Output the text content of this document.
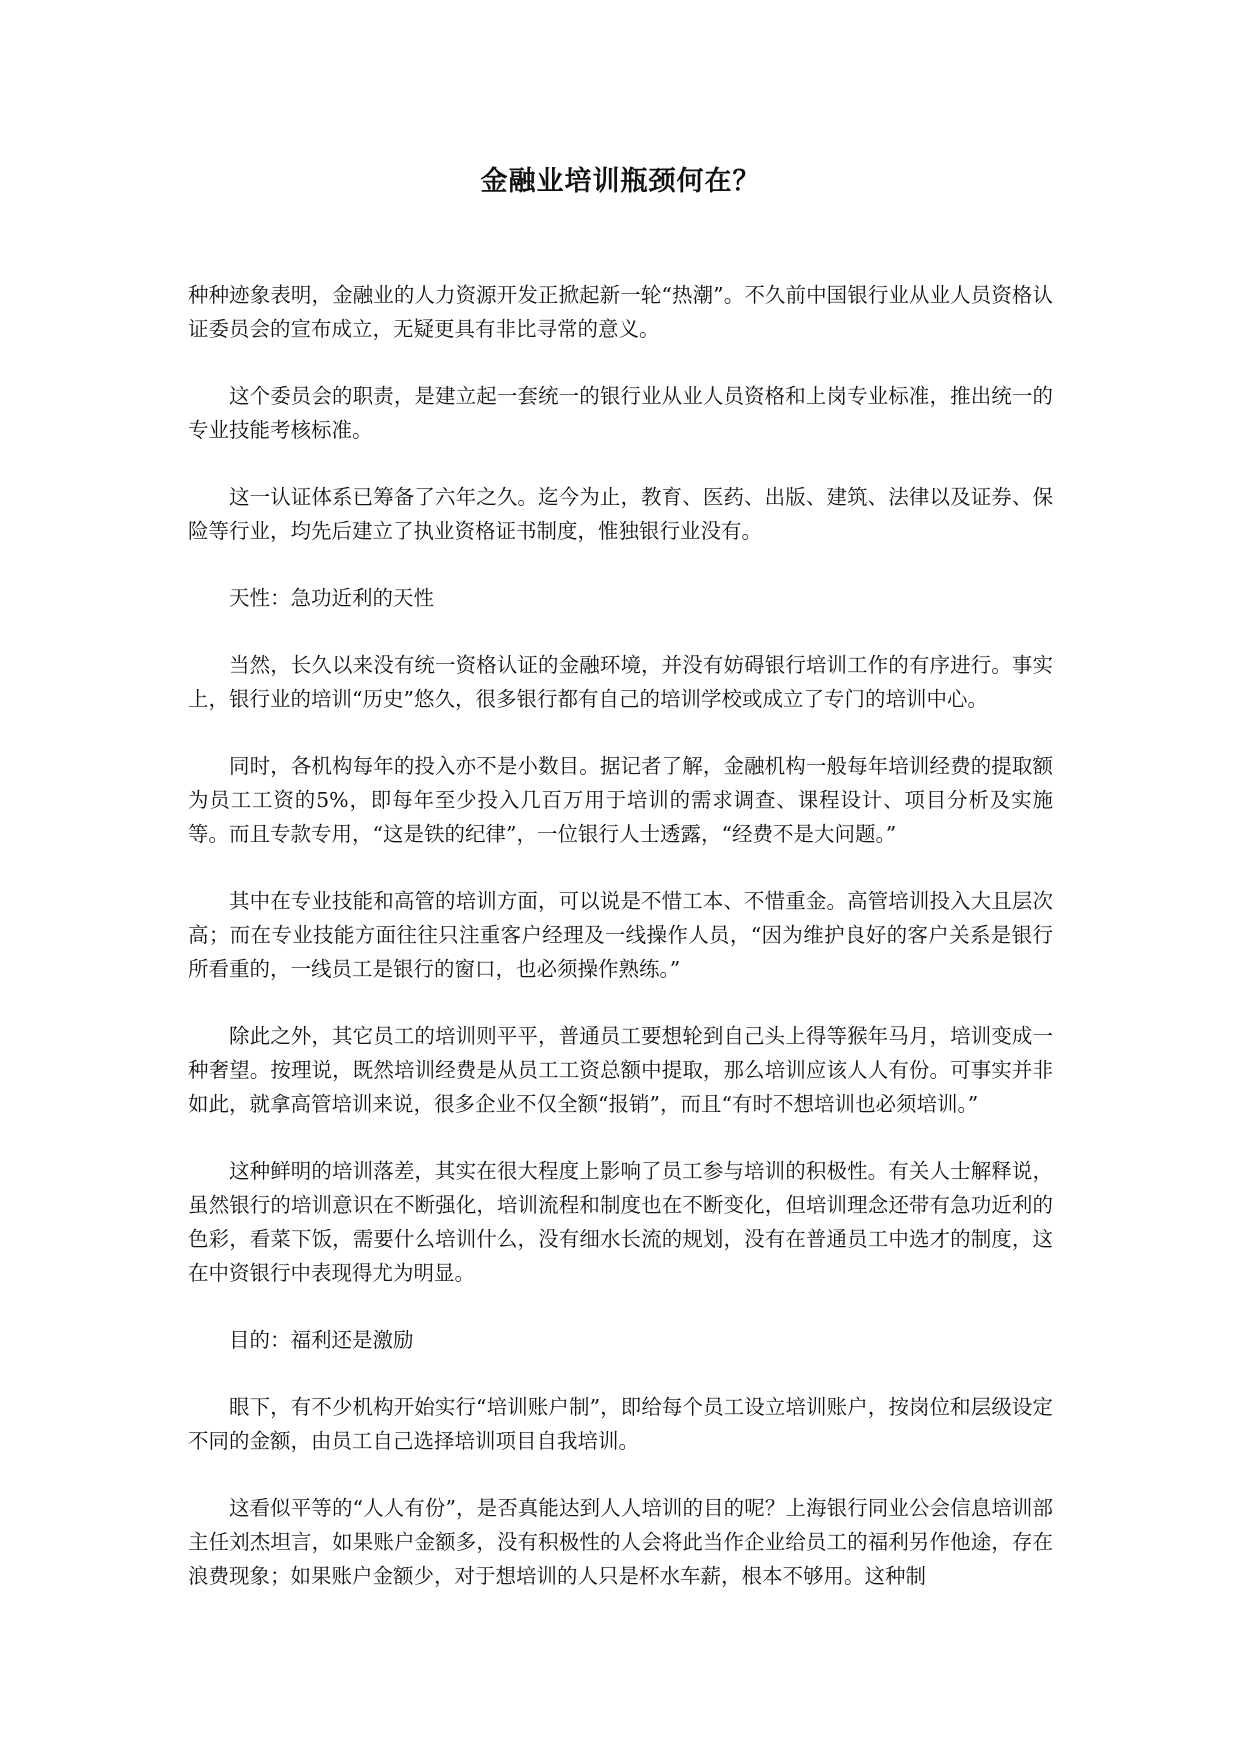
金融业培训瓶颈何在？

种种迹象表明，金融业的人力资源开发正掀起新一轮“热潮”。不久前中国银行业从业人员资格认证委员会的宣布成立，无疑更具有非比寻常的意义。

这个委员会的职责，是建立起一套统一的银行业从业人员资格和上岗专业标准，推出统一的专业技能考核标准。

这一认证体系已筹备了六年之久。迄今为止，教育、医药、出版、建筑、法律以及证券、保险等行业，均先后建立了执业资格证书制度，惟独银行业没有。

天性：急功近利的天性

当然，长久以来没有统一资格认证的金融环境，并没有妨碍银行培训工作的有序进行。事实上，银行业的培训“历史”悠久，很多银行都有自己的培训学校或成立了专门的培训中心。

同时，各机构每年的投入亦不是小数目。据记者了解，金融机构一般每年培训经费的提取额为员工工资的5%，即每年至少投入几百万用于培训的需求调查、课程设计、项目分析及实施等。而且专款专用，“这是铁的纪律”，一位银行人士透露，“经费不是大问题。”

其中在专业技能和高管的培训方面，可以说是不惜工本、不惜重金。高管培训投入大且层次高；而在专业技能方面往往只注重客户经理及一线操作人员，“因为维护良好的客户关系是银行所看重的，一线员工是银行的窗口，也必须操作熟练。”

除此之外，其它员工的培训则平平，普通员工要想轮到自己头上得等猴年马月，培训变成一种奢望。按理说，既然培训经费是从员工工资总额中提取，那么培训应该人人有份。可事实并非如此，就拿高管培训来说，很多企业不仅全额“报销”，而且“有时不想培训也必须培训。”

这种鲜明的培训落差，其实在很大程度上影响了员工参与培训的积极性。有关人士解释说，虽然银行的培训意识在不断强化，培训流程和制度也在不断变化，但培训理念还带有急功近利的色彩，看菜下饭，需要什么培训什么，没有细水长流的规划，没有在普通员工中选才的制度，这在中资银行中表现得尤为明显。

目的：福利还是激励

眼下，有不少机构开始实行“培训账户制”，即给每个员工设立培训账户，按岗位和层级设定不同的金额，由员工自己选择培训项目自我培训。

这看似平等的“人人有份”，是否真能达到人人培训的目的呢？上海银行同业公会信息培训部主任刘杰坦言，如果账户金额多，没有积极性的人会将此当作企业给员工的福利另作他途，存在浪费现象；如果账户金额少，对于想培训的人只是杯水车薪，根本不够用。这种制
